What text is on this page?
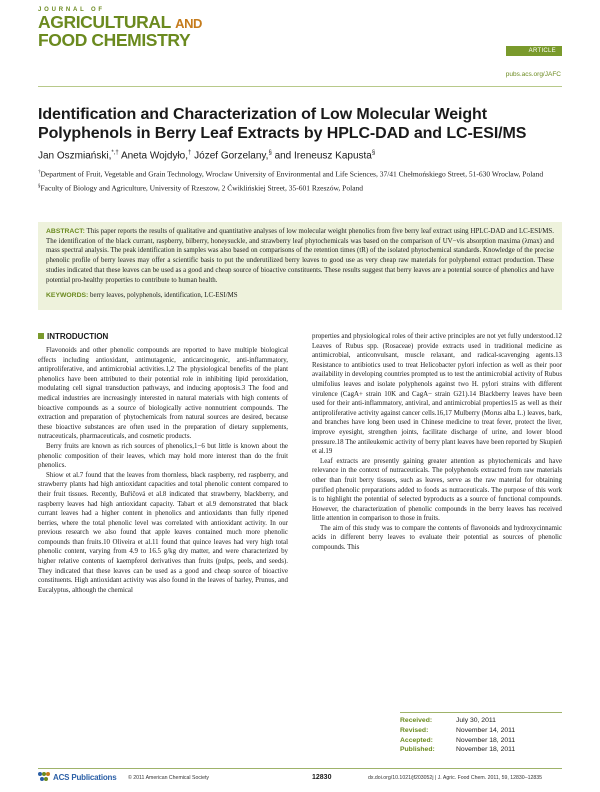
JOURNAL OF
AGRICULTURAL AND
FOOD CHEMISTRY
ARTICLE
pubs.acs.org/JAFC
Identification and Characterization of Low Molecular Weight Polyphenols in Berry Leaf Extracts by HPLC-DAD and LC-ESI/MS
Jan Oszmiański,*,† Aneta Wojdyło,† Józef Gorzelany,§ and Ireneusz Kapusta§
†Department of Fruit, Vegetable and Grain Technology, Wroclaw University of Environmental and Life Sciences, 37/41 Chełmońskiego Street, 51-630 Wroclaw, Poland
§Faculty of Biology and Agriculture, University of Rzeszow, 2 Ćwiklińskiej Street, 35-601 Rzeszów, Poland
ABSTRACT: This paper reports the results of qualitative and quantitative analyses of low molecular weight phenolics from five berry leaf extract using HPLC-DAD and LC-ESI/MS. The identification of the black currant, raspberry, bilberry, honeysuckle, and strawberry leaf phytochemicals was based on the comparison of UV−vis absorption maxima (λmax) and mass spectral analysis. The peak identification in samples was also based on comparisons of the retention times (tR) of the isolated phytochemical standards. Knowledge of the precise phenolic profile of berry leaves may offer a scientific basis to put the underutilized berry leaves to good use as very cheap raw materials for polyphenol extract production. These studies indicated that these leaves can be used as a good and cheap source of bioactive constituents. These results suggest that berry leaves are a potential source of phenolics and have potential pro-healthy properties to contribute to human health.
KEYWORDS: berry leaves, polyphenols, identification, LC-ESI/MS
INTRODUCTION

Flavonoids and other phenolic compounds are reported to have multiple biological effects including antioxidant, antimutagenic, anticarcinogenic, anti-inflammatory, antiproliferative, and antimicrobial activities.1,2 The physiological benefits of the plant phenolics have been attributed to their potential role in inhibiting lipid peroxidation, modulating cell signal transduction pathways, and inducing apoptosis.3 The food and medical industries are increasingly interested in natural materials with high contents of bioactive compounds as a source of biologically active nonnutrient compounds. The extraction and preparation of phytochemicals from natural sources are desired, because these bioactive substances are often used in the preparation of dietary supplements, nutraceuticals, pharmaceuticals, and cosmetic products.

Berry fruits are known as rich sources of phenolics,1−6 but little is known about the phenolic composition of their leaves, which may hold more interest than do the fruit phenolics.

Shiow et al.7 found that the leaves from thornless, black raspberry, red raspberry, and strawberry plants had high antioxidant capacities and total phenolic content compared to their fruit tissues. Recently, Buřičová et al.8 indicated that strawberry, blackberry, and raspberry leaves had high antioxidant capacity. Tabart et al.9 demonstrated that black currant leaves had a higher content in phenolics and antioxidants than fully ripened berries, where the total phenolic level was correlated with antioxidant activity. In our previous research we also found that apple leaves contained much more phenolic compounds than fruits.10 Oliveira et al.11 found that quince leaves had very high total phenolic content, varying from 4.9 to 16.5 g/kg dry matter, and were characterized by higher relative contents of kaempferol derivatives than fruits (pulps, peels, and seeds). They indicated that these leaves can be used as a good and cheap source of bioactive constituents. High antioxidant activity was also found in the leaves of barley, Prunus, and Eucalyptus, although the chemical

properties and physiological roles of their active principles are not yet fully understood.12 Leaves of Rubus spp. (Rosaceae) provide extracts used in traditional medicine as antimicrobial, anticonvulsant, muscle relaxant, and radical-scavenging agents.13 Resistance to antibiotics used to treat Helicobacter pylori infection as well as their poor availability in developing countries prompted us to test the antimicrobial activity of Rubus ulmifolius leaves and isolate polyphenols against two H. pylori strains with different virulence (CagA+ strain 10K and CagA− strain G21).14 Blackberry leaves have been used for their anti-inflammatory, antiviral, and antimicrobial properties15 as well as their antiproliferative activity against cancer cells.16,17 Mulberry (Morus alba L.) leaves, bark, and branches have long been used in Chinese medicine to treat fever, protect the liver, improve eyesight, strengthen joints, facilitate discharge of urine, and lower blood pressure.18 The antileukemic activity of berry plant leaves have been reported by Skupień et al.19

Leaf extracts are presently gaining greater attention as phytochemicals and have relevance in the context of nutraceuticals. The polyphenols extracted from raw materials other than fruit berry tissues, such as leaves, serve as the raw material for obtaining purified phenolic preparations added to foods as nutraceuticals. The purpose of this work is to highlight the potential of selected byproducts as a source of functional compounds. However, the characterization of phenolic compounds in the berry leaves has received little attention in comparison to those in fruits.

The aim of this study was to compare the contents of flavonoids and hydroxycinnamic acids in different berry leaves to evaluate their potential as sources of phenolic compounds. This

Received:	July 30, 2011
Revised:	November 14, 2011
Accepted:	November 18, 2011
Published:	November 18, 2011
ACS Publications © 2011 American Chemical Society	12830	dx.doi.org/10.1021/jf203052j | J. Agric. Food Chem. 2011, 59, 12830–12835
